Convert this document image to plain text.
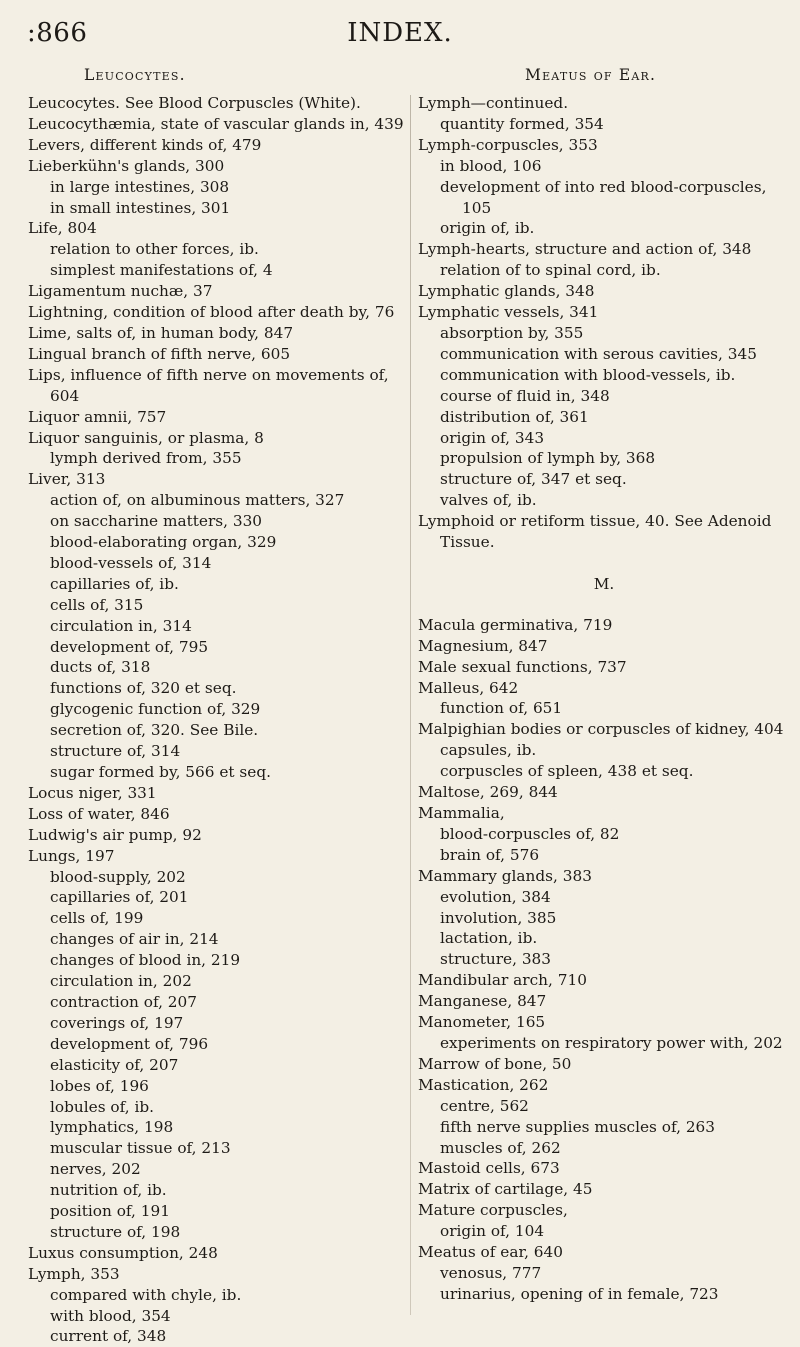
:866	INDEX.
Leucocytes.	Meatus of Ear.
Leucocytes. See Blood Corpuscles (White).
Leucocythæmia, state of vascular glands in, 439
Levers, different kinds of, 479
Lieberkühn's glands, 300
in large intestines, 308
in small intestines, 301
Life, 804
relation to other forces, ib.
simplest manifestations of, 4
Ligamentum nuchæ, 37
Lightning, condition of blood after death by, 76
Lime, salts of, in human body, 847
Lingual branch of fifth nerve, 605
Lips, influence of fifth nerve on movements of, 604
Liquor amnii, 757
Liquor sanguinis, or plasma, 8
lymph derived from, 355
Liver, 313
action of, on albuminous matters, 327
on saccharine matters, 330
blood-elaborating organ, 329
blood-vessels of, 314
capillaries of, ib.
cells of, 315
circulation in, 314
development of, 795
ducts of, 318
functions of, 320 et seq.
glycogenic function of, 329
secretion of, 320. See Bile.
structure of, 314
sugar formed by, 566 et seq.
Locus niger, 331
Loss of water, 846
Ludwig's air pump, 92
Lungs, 197
blood-supply, 202
capillaries of, 201
cells of, 199
changes of air in, 214
changes of blood in, 219
circulation in, 202
contraction of, 207
coverings of, 197
development of, 796
elasticity of, 207
lobes of, 196
lobules of, ib.
lymphatics, 198
muscular tissue of, 213
nerves, 202
nutrition of, ib.
position of, 191
structure of, 198
Luxus consumption, 248
Lymph, 353
compared with chyle, ib.
with blood, 354
current of, 348
Lymph—continued.
quantity formed, 354
Lymph-corpuscles, 353
in blood, 106
development of into red blood-corpuscles, 105
origin of, ib.
Lymph-hearts, structure and action of, 348
relation of to spinal cord, ib.
Lymphatic glands, 348
Lymphatic vessels, 341
absorption by, 355
communication with serous cavities, 345
communication with blood-vessels, ib.
course of fluid in, 348
distribution of, 361
origin of, 343
propulsion of lymph by, 368
structure of, 347 et seq.
valves of, ib.
Lymphoid or retiform tissue, 40. See Adenoid Tissue.
M.
Macula germinativa, 719
Magnesium, 847
Male sexual functions, 737
Malleus, 642
function of, 651
Malpighian bodies or corpuscles of kidney, 404
capsules, ib.
corpuscles of spleen, 438 et seq.
Maltose, 269, 844
Mammalia,
blood-corpuscles of, 82
brain of, 576
Mammary glands, 383
evolution, 384
involution, 385
lactation, ib.
structure, 383
Mandibular arch, 710
Manganese, 847
Manometer, 165
experiments on respiratory power with, 202
Marrow of bone, 50
Mastication, 262
centre, 562
fifth nerve supplies muscles of, 263
muscles of, 262
Mastoid cells, 673
Matrix of cartilage, 45
Mature corpuscles,
origin of, 104
Meatus of ear, 640
venosus, 777
urinarius, opening of in female, 723
